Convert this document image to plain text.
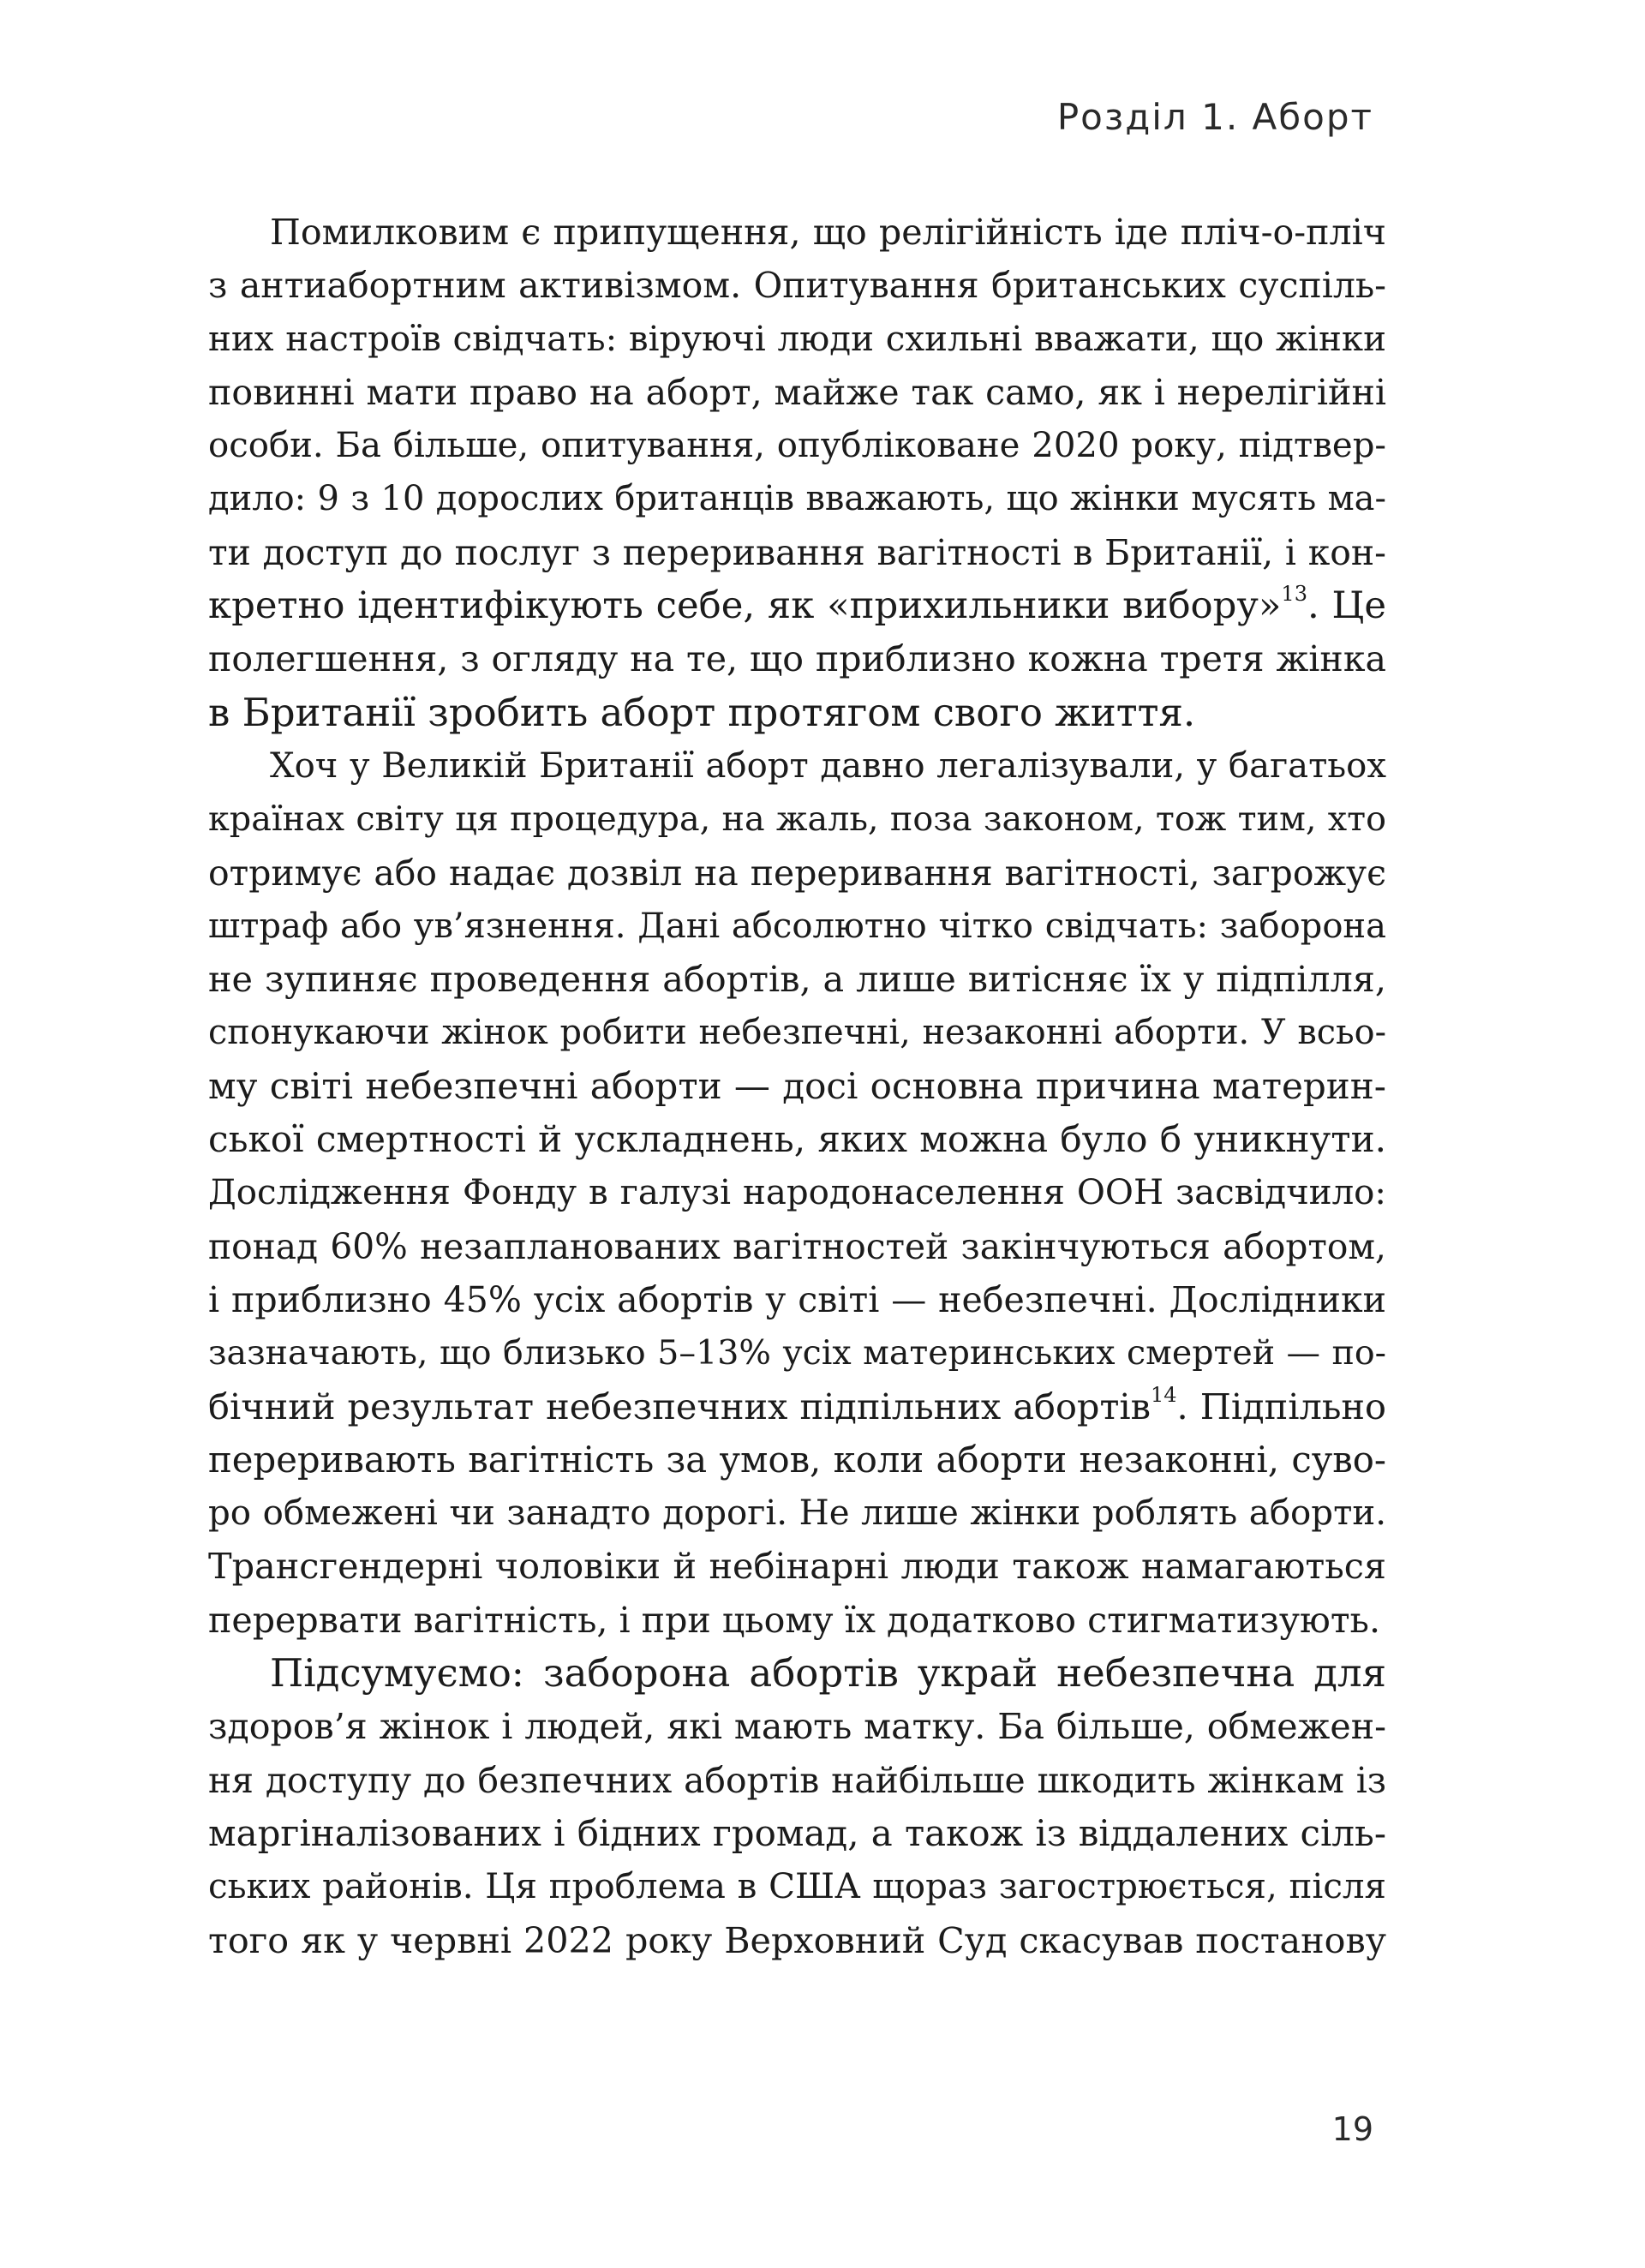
Розділ 1. Аборт
Помилковим є припущення, що релігійність іде пліч-о-пліч
з антиабортним активізмом. Опитування британських суспіль-
них настроїв свідчать: віруючі люди схильні вважати, що жінки
повинні мати право на аборт, майже так само, як і нерелігійні
особи. Ба більше, опитування, опубліковане 2020 року, підтвер-
дило: 9 з 10 дорослих британців вважають, що жінки мусять ма-
ти доступ до послуг з переривання вагітності в Британії, і кон-
кретно ідентифікують себе, як «прихильники вибору»$^{13}$. Це
полегшення, з огляду на те, що приблизно кожна третя жінка
в Британії зробить аборт протягом свого життя.
Хоч у Великій Британії аборт давно легалізували, у багатьох
країнах світу ця процедура, на жаль, поза законом, тож тим, хто
отримує або надає дозвіл на переривання вагітності, загрожує
штраф або ув’язнення. Дані абсолютно чітко свідчать: заборона
не зупиняє проведення абортів, а лише витісняє їх у підпілля,
спонукаючи жінок робити небезпечні, незаконні аборти. У всьо-
му світі небезпечні аборти — досі основна причина материн-
ської смертності й ускладнень, яких можна було б уникнути.
Дослідження Фонду в галузі народонаселення ООН засвідчило:
понад 60% незапланованих вагітностей закінчуються абортом,
і приблизно 45% усіх абортів у світі — небезпечні. Дослідники
зазначають, що близько 5–13% усіх материнських смертей — по-
бічний результат небезпечних підпільних абортів$^{14}$. Підпільно
переривають вагітність за умов, коли аборти незаконні, суво-
ро обмежені чи занадто дорогі. Не лише жінки роблять аборти.
Трансгендерні чоловіки й небінарні люди також намагаються
перервати вагітність, і при цьому їх додатково стигматизують.
Підсумуємо: заборона абортів украй небезпечна для
здоров’я жінок і людей, які мають матку. Ба більше, обмежен-
ня доступу до безпечних абортів найбільше шкодить жінкам із
маргіналізованих і бідних громад, а також із віддалених сіль-
ських районів. Ця проблема в США щораз загострюється, після
того як у червні 2022 року Верховний Суд скасував постанову
19
